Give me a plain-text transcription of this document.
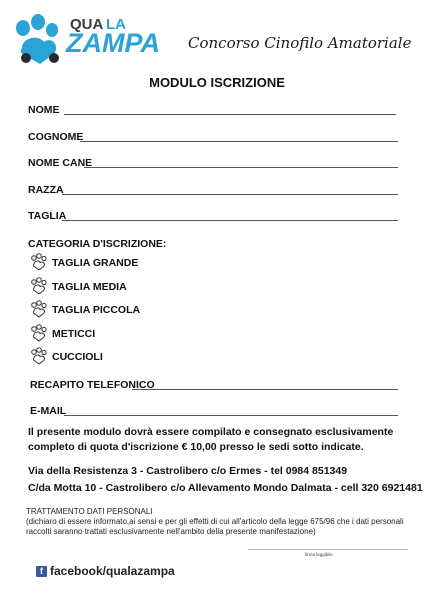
QUA LA
ZAMPA Concorso Cinofilo Amatoriale
MODULO ISCRIZIONE
NOME
COGNOME
NOME CANE
RAZZA
TAGLIA
CATEGORIA D'ISCRIZIONE:
TAGLIA GRANDE
TAGLIA MEDIA
TAGLIA PICCOLA
METICCI
CUCCIOLI
RECAPITO TELEFONICO
E-MAIL
Il presente modulo dovrà essere compilato e consegnato esclusivamente completo di quota d'iscrizione € 10,00 presso le sedi sotto indicate.
Via della Resistenza 3 - Castrolibero c/o Ermes - tel 0984 851349
C/da Motta 10 - Castrolibero c/o Allevamento Mondo Dalmata - cell 320 6921481
TRATTAMENTO DATI PERSONALI
(dichiaro di essere informato,ai sensi e per gli effetti di cui all'articolo della legge 675/96 che i dati personali raccolti saranno trattati esclusivamente nell'ambito della presente manifestazione)
firma leggibile
f facebook/qualazampa
